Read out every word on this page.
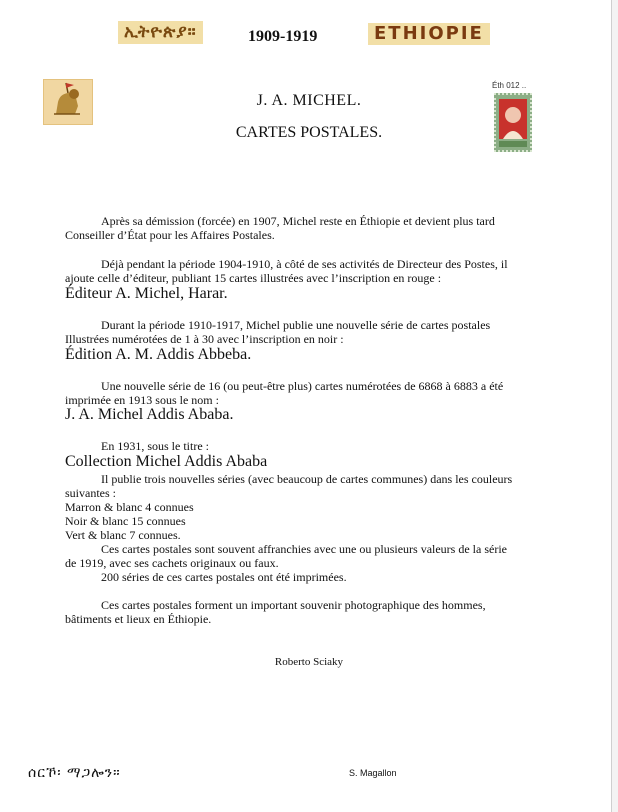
ኢትዮጵያ።	1909-1919	ETHIOPIE
Éth 012 ..
J. A. MICHEL.
CARTES POSTALES.
Après sa démission (forcée) en 1907, Michel reste en Éthiopie et devient plus tard Conseiller d’État pour les Affaires Postales.
Déjà pendant la période 1904-1910, à côté de ses activités de Directeur des Postes, il ajoute celle d’éditeur, publiant 15 cartes illustrées avec l’inscription en rouge :
Éditeur A. Michel, Harar.
Durant la période 1910-1917, Michel publie une nouvelle série de cartes postales Illustrées numérotées de 1 à 30 avec l’inscription en noir :
Édition A. M. Addis Abbeba.
Une nouvelle série de 16 (ou peut-être plus) cartes numérotées de 6868 à 6883 a été imprimée en 1913 sous le nom :
J. A. Michel Addis Ababa.
En 1931, sous le titre :
Collection Michel Addis Ababa
Il publie trois nouvelles séries (avec beaucoup de cartes communes) dans les couleurs suivantes :
Marron & blanc 4 connues
Noir & blanc 15 connues
Vert & blanc 7 connues.
Ces cartes postales sont souvent affranchies avec une ou plusieurs valeurs de la série de 1919, avec ses cachets originaux ou faux.
200 séries de ces cartes postales ont été imprimées.
Ces cartes postales forment un important souvenir photographique des hommes, bâtiments et lieux en Éthiopie.
Roberto Sciaky
ሰርኾ፡ ማጋሎን።	S. Magallon
